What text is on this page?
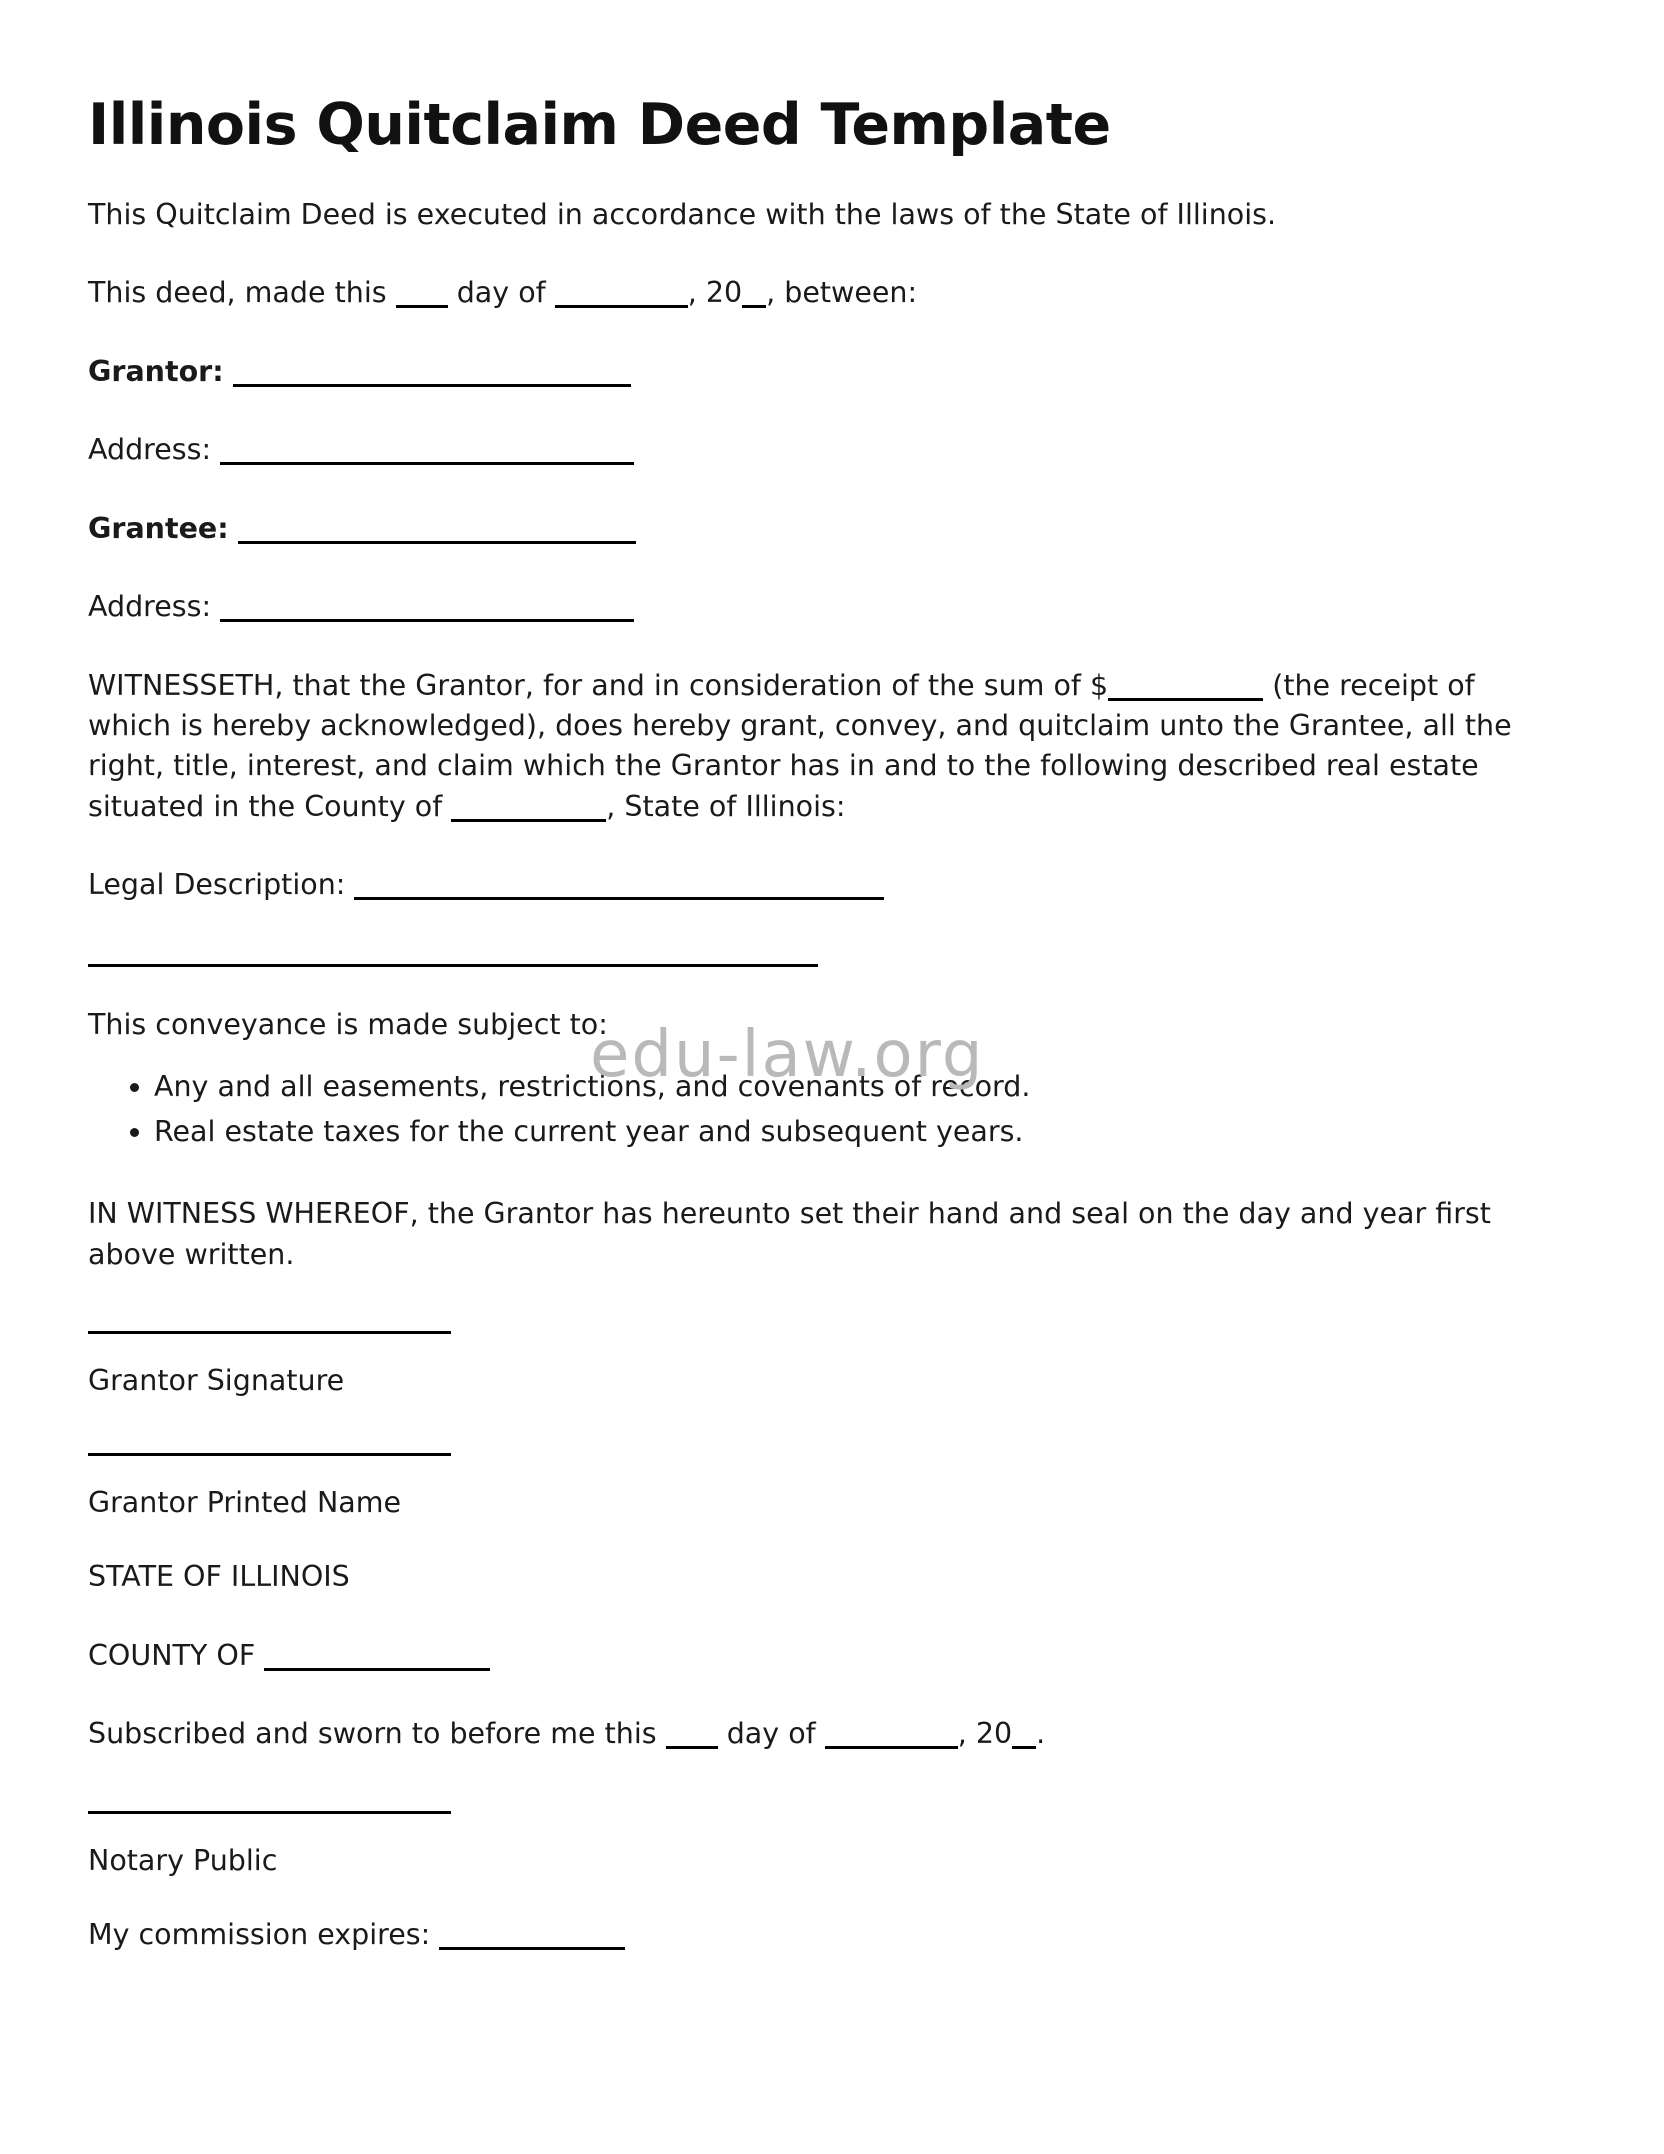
Illinois Quitclaim Deed Template

This Quitclaim Deed is executed in accordance with the laws of the State of Illinois.

This deed, made this  day of	, 20 , between:

Grantor:

Address:

Grantee:

Address:

WITNESSETH, that the Grantor, for and in consideration of the sum of $	(the receipt of which is hereby acknowledged), does hereby grant, convey, and quitclaim unto the Grantee, all the right, title, interest, and claim which the Grantor has in and to the following described real estate situated in the County of	, State of Illinois:

Legal Description:

This conveyance is made subject to:

• Any and all easements, restrictions, and covenants of record.
• Real estate taxes for the current year and subsequent years.

IN WITNESS WHEREOF, the Grantor has hereunto set their hand and seal on the day and year first above written.

Grantor Signature
Grantor Printed Name

STATE OF ILLINOIS

COUNTY OF

Subscribed and sworn to before me this  day of	, 20 .

Notary Public

My commission expires:

edu-law.org
